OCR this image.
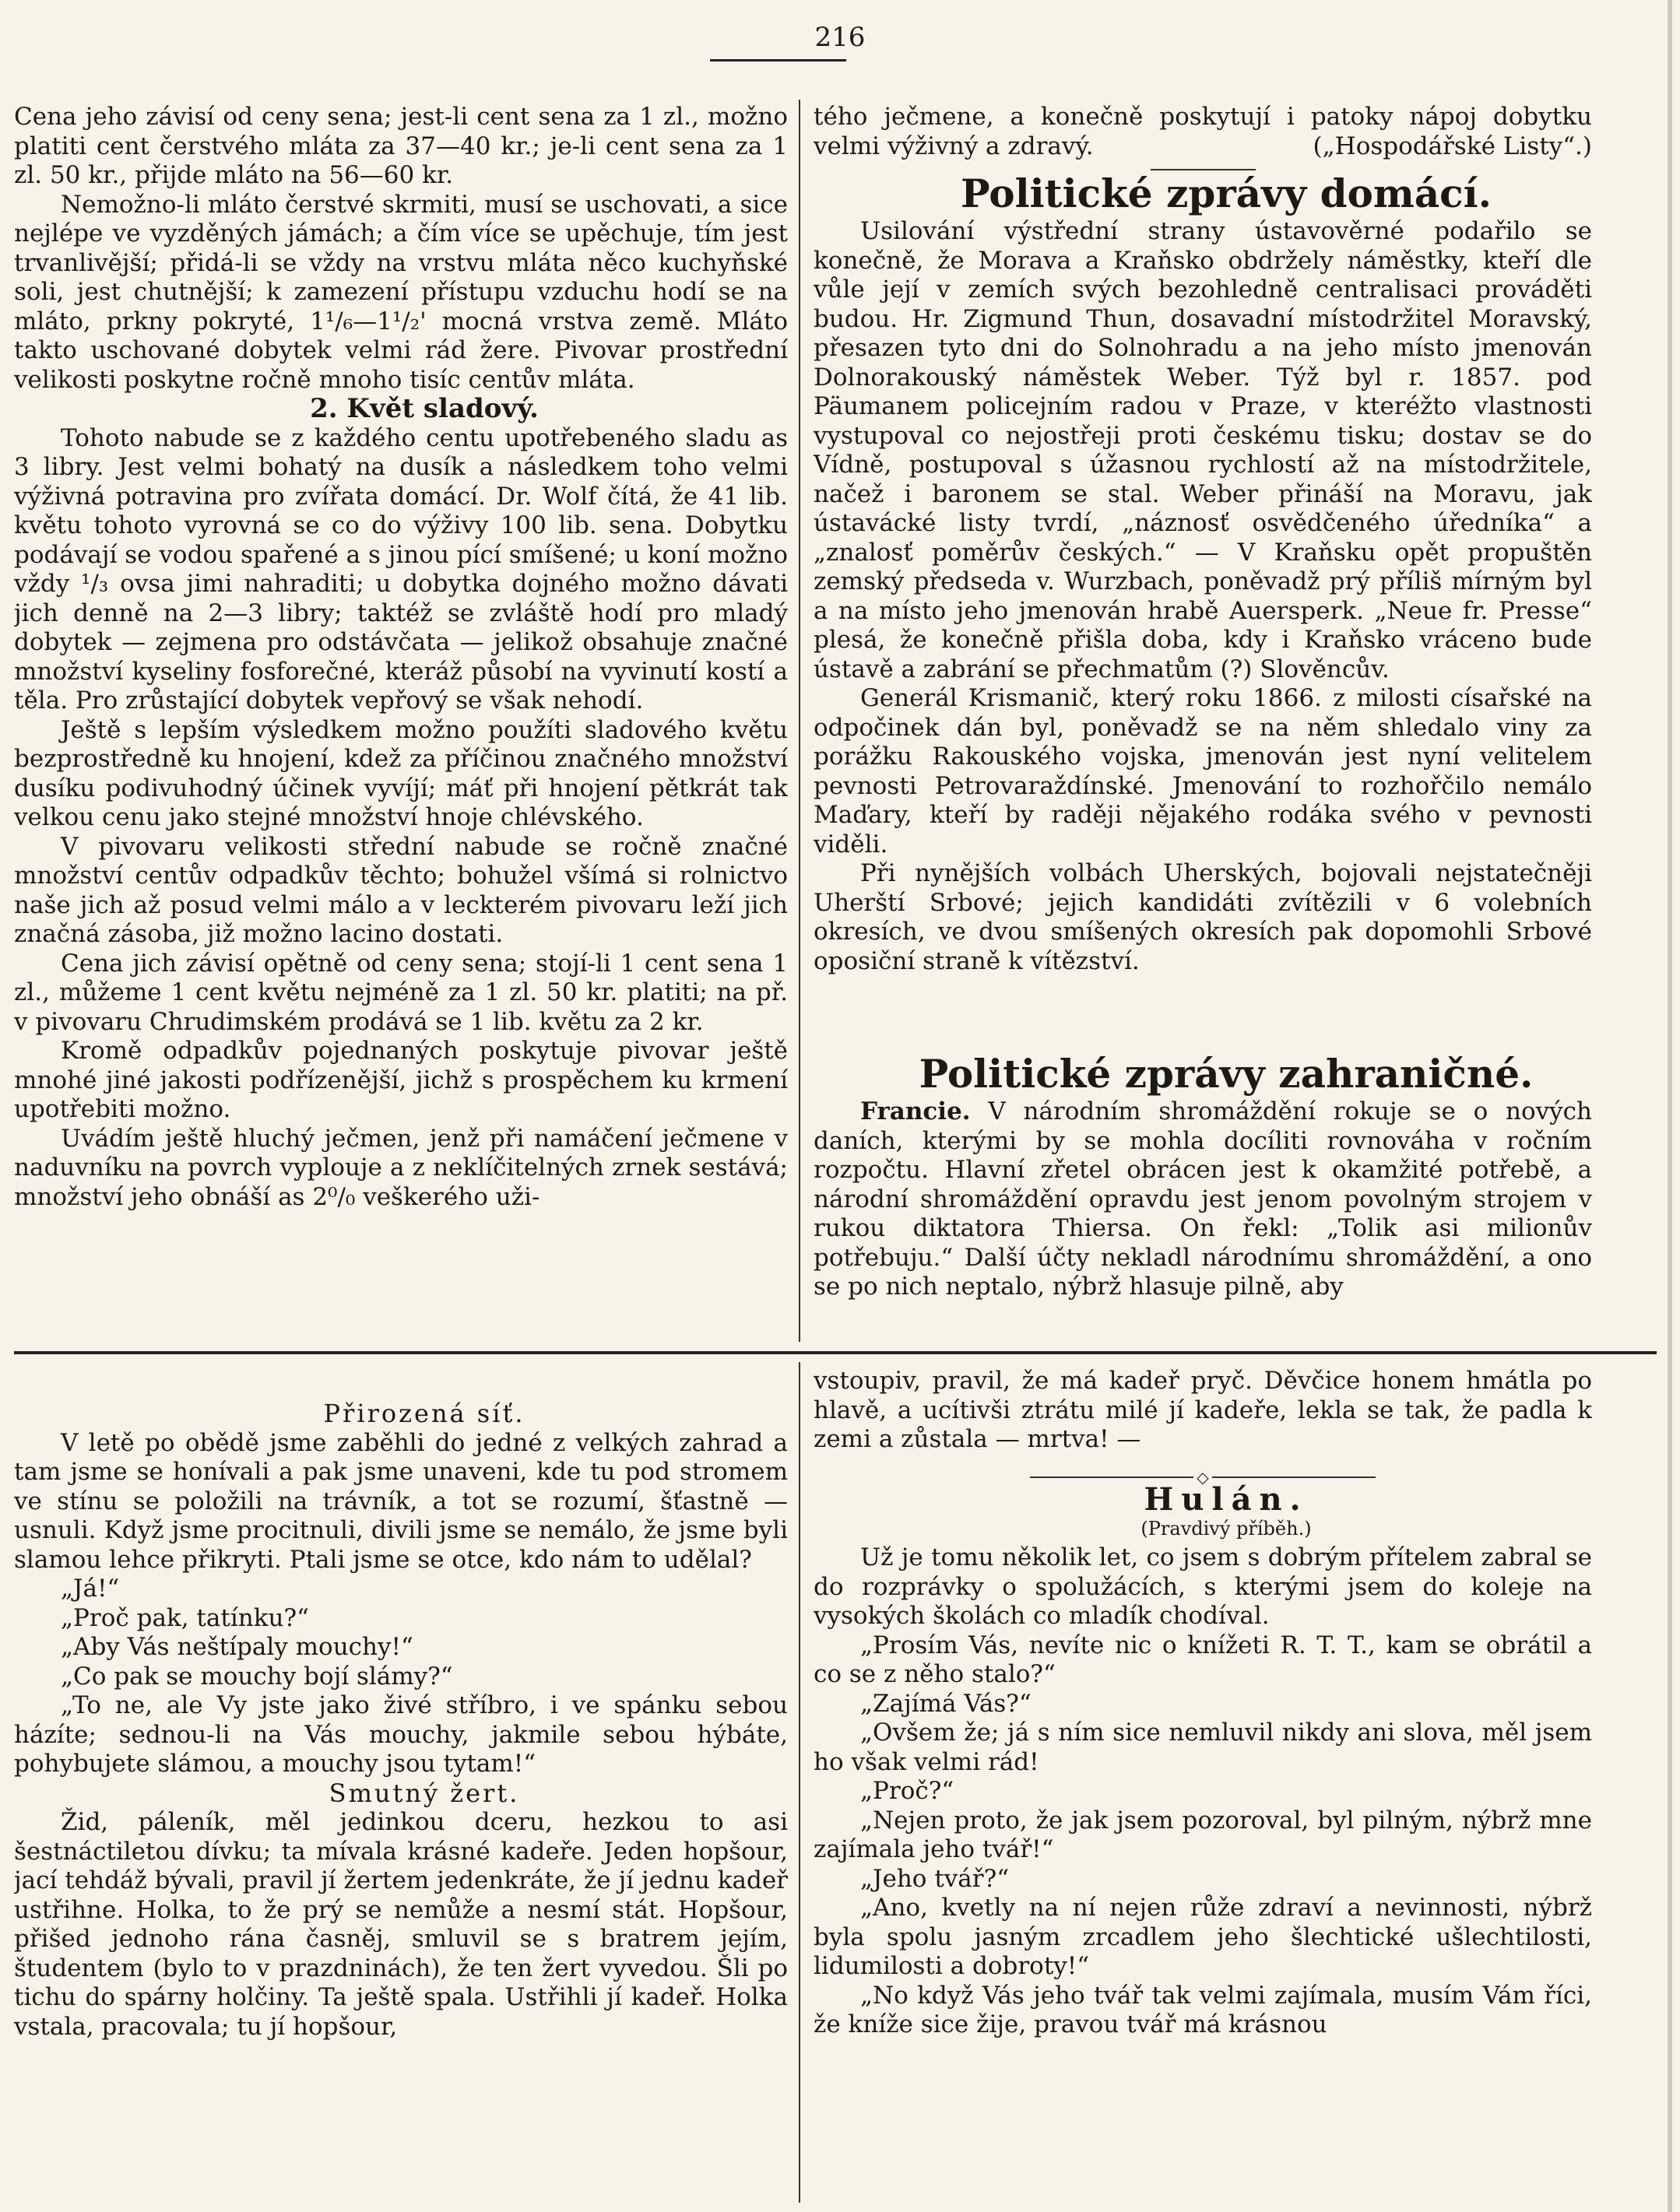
216

Cena jeho závisí od ceny sena; jest-li cent sena za 1 zl., možno platiti cent čerstvého mláta za 37—40 kr.; je-li cent sena za 1 zl. 50 kr., přijde mláto na 56—60 kr.

Nemožno-li mláto čerstvé skrmiti, musí se uschovati, a sice nejlépe ve vyzděných jámách; a čím více se upěchuje, tím jest trvanlivější; přidá-li se vždy na vrstvu mláta něco kuchyňské soli, jest chutnější; k zamezení přístupu vzduchu hodí se na mláto, prkny pokryté, 1¹/₆—1¹/₂' mocná vrstva země. Mláto takto uschované dobytek velmi rád žere. Pivovar prostřední velikosti poskytne ročně mnoho tisíc centův mláta.

2. Květ sladový.

Tohoto nabude se z každého centu upotřebeného sladu as 3 libry. Jest velmi bohatý na dusík a následkem toho velmi výživná potravina pro zvířata domácí. Dr. Wolf čítá, že 41 lib. květu tohoto vyrovná se co do výživy 100 lib. sena. Dobytku podávají se vodou spařené a s jinou pící smíšené; u koní možno vždy ¹/₃ ovsa jimi nahraditi; u dobytka dojného možno dávati jich denně na 2—3 libry; taktéž se zvláště hodí pro mladý dobytek — zejmena pro odstávčata — jelikož obsahuje značné množství kyseliny fosforečné, kteráž působí na vyvinutí kostí a těla. Pro zrůstající dobytek vepřový se však nehodí.

Ještě s lepším výsledkem možno použíti sladového květu bezprostředně ku hnojení, kdež za příčinou značného množství dusíku podivuhodný účinek vyvíjí; máť při hnojení pětkrát tak velkou cenu jako stejné množství hnoje chlévského.

V pivovaru velikosti střední nabude se ročně značné množství centův odpadkův těchto; bohužel všímá si rolnictvo naše jich až posud velmi málo a v leckterém pivovaru leží jich značná zásoba, již možno lacino dostati.

Cena jich závisí opětně od ceny sena; stojí-li 1 cent sena 1 zl., můžeme 1 cent květu nejméně za 1 zl. 50 kr. platiti; na př. v pivovaru Chrudimském prodává se 1 lib. květu za 2 kr.

Kromě odpadkův pojednaných poskytuje pivovar ještě mnohé jiné jakosti podřízenější, jichž s prospěchem ku krmení upotřebiti možno.

Uvádím ještě hluchý ječmen, jenž při namáčení ječmene v naduvníku na povrch vyplouje a z neklíčitelných zrnek sestává; množství jeho obnáší as 2⁰/₀ veškerého uži-

tého ječmene, a konečně poskytují i patoky nápoj dobytku velmi výživný a zdravý.	(„Hospodářské Listy“.)

Politické zprávy domácí.

Usilování výstřední strany ústavověrné podařilo se konečně, že Morava a Kraňsko obdržely náměstky, kteří dle vůle její v zemích svých bezohledně centralisaci prováděti budou. Hr. Zigmund Thun, dosavadní místodržitel Moravský, přesazen tyto dni do Solnohradu a na jeho místo jmenován Dolnorakouský náměstek Weber. Týž byl r. 1857. pod Päumanem policejním radou v Praze, v kteréžto vlastnosti vystupoval co nejostřeji proti českému tisku; dostav se do Vídně, postupoval s úžasnou rychlostí až na místodržitele, načež i baronem se stal. Weber přináší na Moravu, jak ústavácké listy tvrdí, „náznosť osvědčeného úředníka“ a „znalosť poměrův českých.“ — V Kraňsku opět propuštěn zemský předseda v. Wurzbach, poněvadž prý příliš mírným byl a na místo jeho jmenován hrabě Auersperk. „Neue fr. Presse“ plesá, že konečně přišla doba, kdy i Kraňsko vráceno bude ústavě a zabrání se přechmatům (?) Slověncův.

Generál Krismanič, který roku 1866. z milosti císařské na odpočinek dán byl, poněvadž se na něm shledalo viny za porážku Rakouského vojska, jmenován jest nyní velitelem pevnosti Petrovaraždínské. Jmenování to rozhořčilo nemálo Maďary, kteří by raději nějakého rodáka svého v pevnosti viděli.

Při nynějších volbách Uherských, bojovali nejstatečněji Uherští Srbové; jejich kandidáti zvítězili v 6 volebních okresích, ve dvou smíšených okresích pak dopomohli Srbové oposiční straně k vítězství.

Politické zprávy zahraničné.

Francie. V národním shromáždění rokuje se o nových daních, kterými by se mohla docíliti rovnováha v ročním rozpočtu. Hlavní zřetel obrácen jest k okamžité potřebě, a národní shromáždění opravdu jest jenom povolným strojem v rukou diktatora Thiersa. On řekl: „Tolik asi milionův potřebuju.“ Další účty nekladl národnímu shromáždění, a ono se po nich neptalo, nýbrž hlasuje pilně, aby

Přirozená síť.

V letě po obědě jsme zaběhli do jedné z velkých zahrad a tam jsme se honívali a pak jsme unaveni, kde tu pod stromem ve stínu se položili na trávník, a tot se rozumí, šťastně — usnuli. Když jsme procitnuli, divili jsme se nemálo, že jsme byli slamou lehce přikryti. Ptali jsme se otce, kdo nám to udělal?

„Já!“

„Proč pak, tatínku?“

„Aby Vás neštípaly mouchy!“

„Co pak se mouchy bojí slámy?“

„To ne, ale Vy jste jako živé stříbro, i ve spánku sebou házíte; sednou-li na Vás mouchy, jakmile sebou hýbáte, pohybujete slámou, a mouchy jsou tytam!“

Smutný žert.

Žid, páleník, měl jedinkou dceru, hezkou to asi šestnáctiletou dívku; ta mívala krásné kadeře. Jeden hopšour, jací tehdáž bývali, pravil jí žertem jedenkráte, že jí jednu kadeř ustřihne. Holka, to že prý se nemůže a nesmí stát. Hopšour, přišed jednoho rána časněj, smluvil se s bratrem jejím, študentem (bylo to v prazdninách), že ten žert vyvedou. Šli po tichu do spárny holčiny. Ta ještě spala. Ustřihli jí kadeř. Holka vstala, pracovala; tu jí hopšour,

vstoupiv, pravil, že má kadeř pryč. Děvčice honem hmátla po hlavě, a ucítivši ztrátu milé jí kadeře, lekla se tak, že padla k zemi a zůstala — mrtva! —

◇

Hulán.

(Pravdivý příběh.)

Už je tomu několik let, co jsem s dobrým přítelem zabral se do rozprávky o spolužácích, s kterými jsem do koleje na vysokých školách co mladík chodíval.

„Prosím Vás, nevíte nic o knížeti R. T. T., kam se obrátil a co se z něho stalo?“

„Zajímá Vás?“

„Ovšem že; já s ním sice nemluvil nikdy ani slova, měl jsem ho však velmi rád!

„Proč?“

„Nejen proto, že jak jsem pozoroval, byl pilným, nýbrž mne zajímala jeho tvář!“

„Jeho tvář?“

„Ano, kvetly na ní nejen růže zdraví a nevinnosti, nýbrž byla spolu jasným zrcadlem jeho šlechtické ušlechtilosti, lidumilosti a dobroty!“

„No když Vás jeho tvář tak velmi zajímala, musím Vám říci, že kníže sice žije, pravou tvář má krásnou
